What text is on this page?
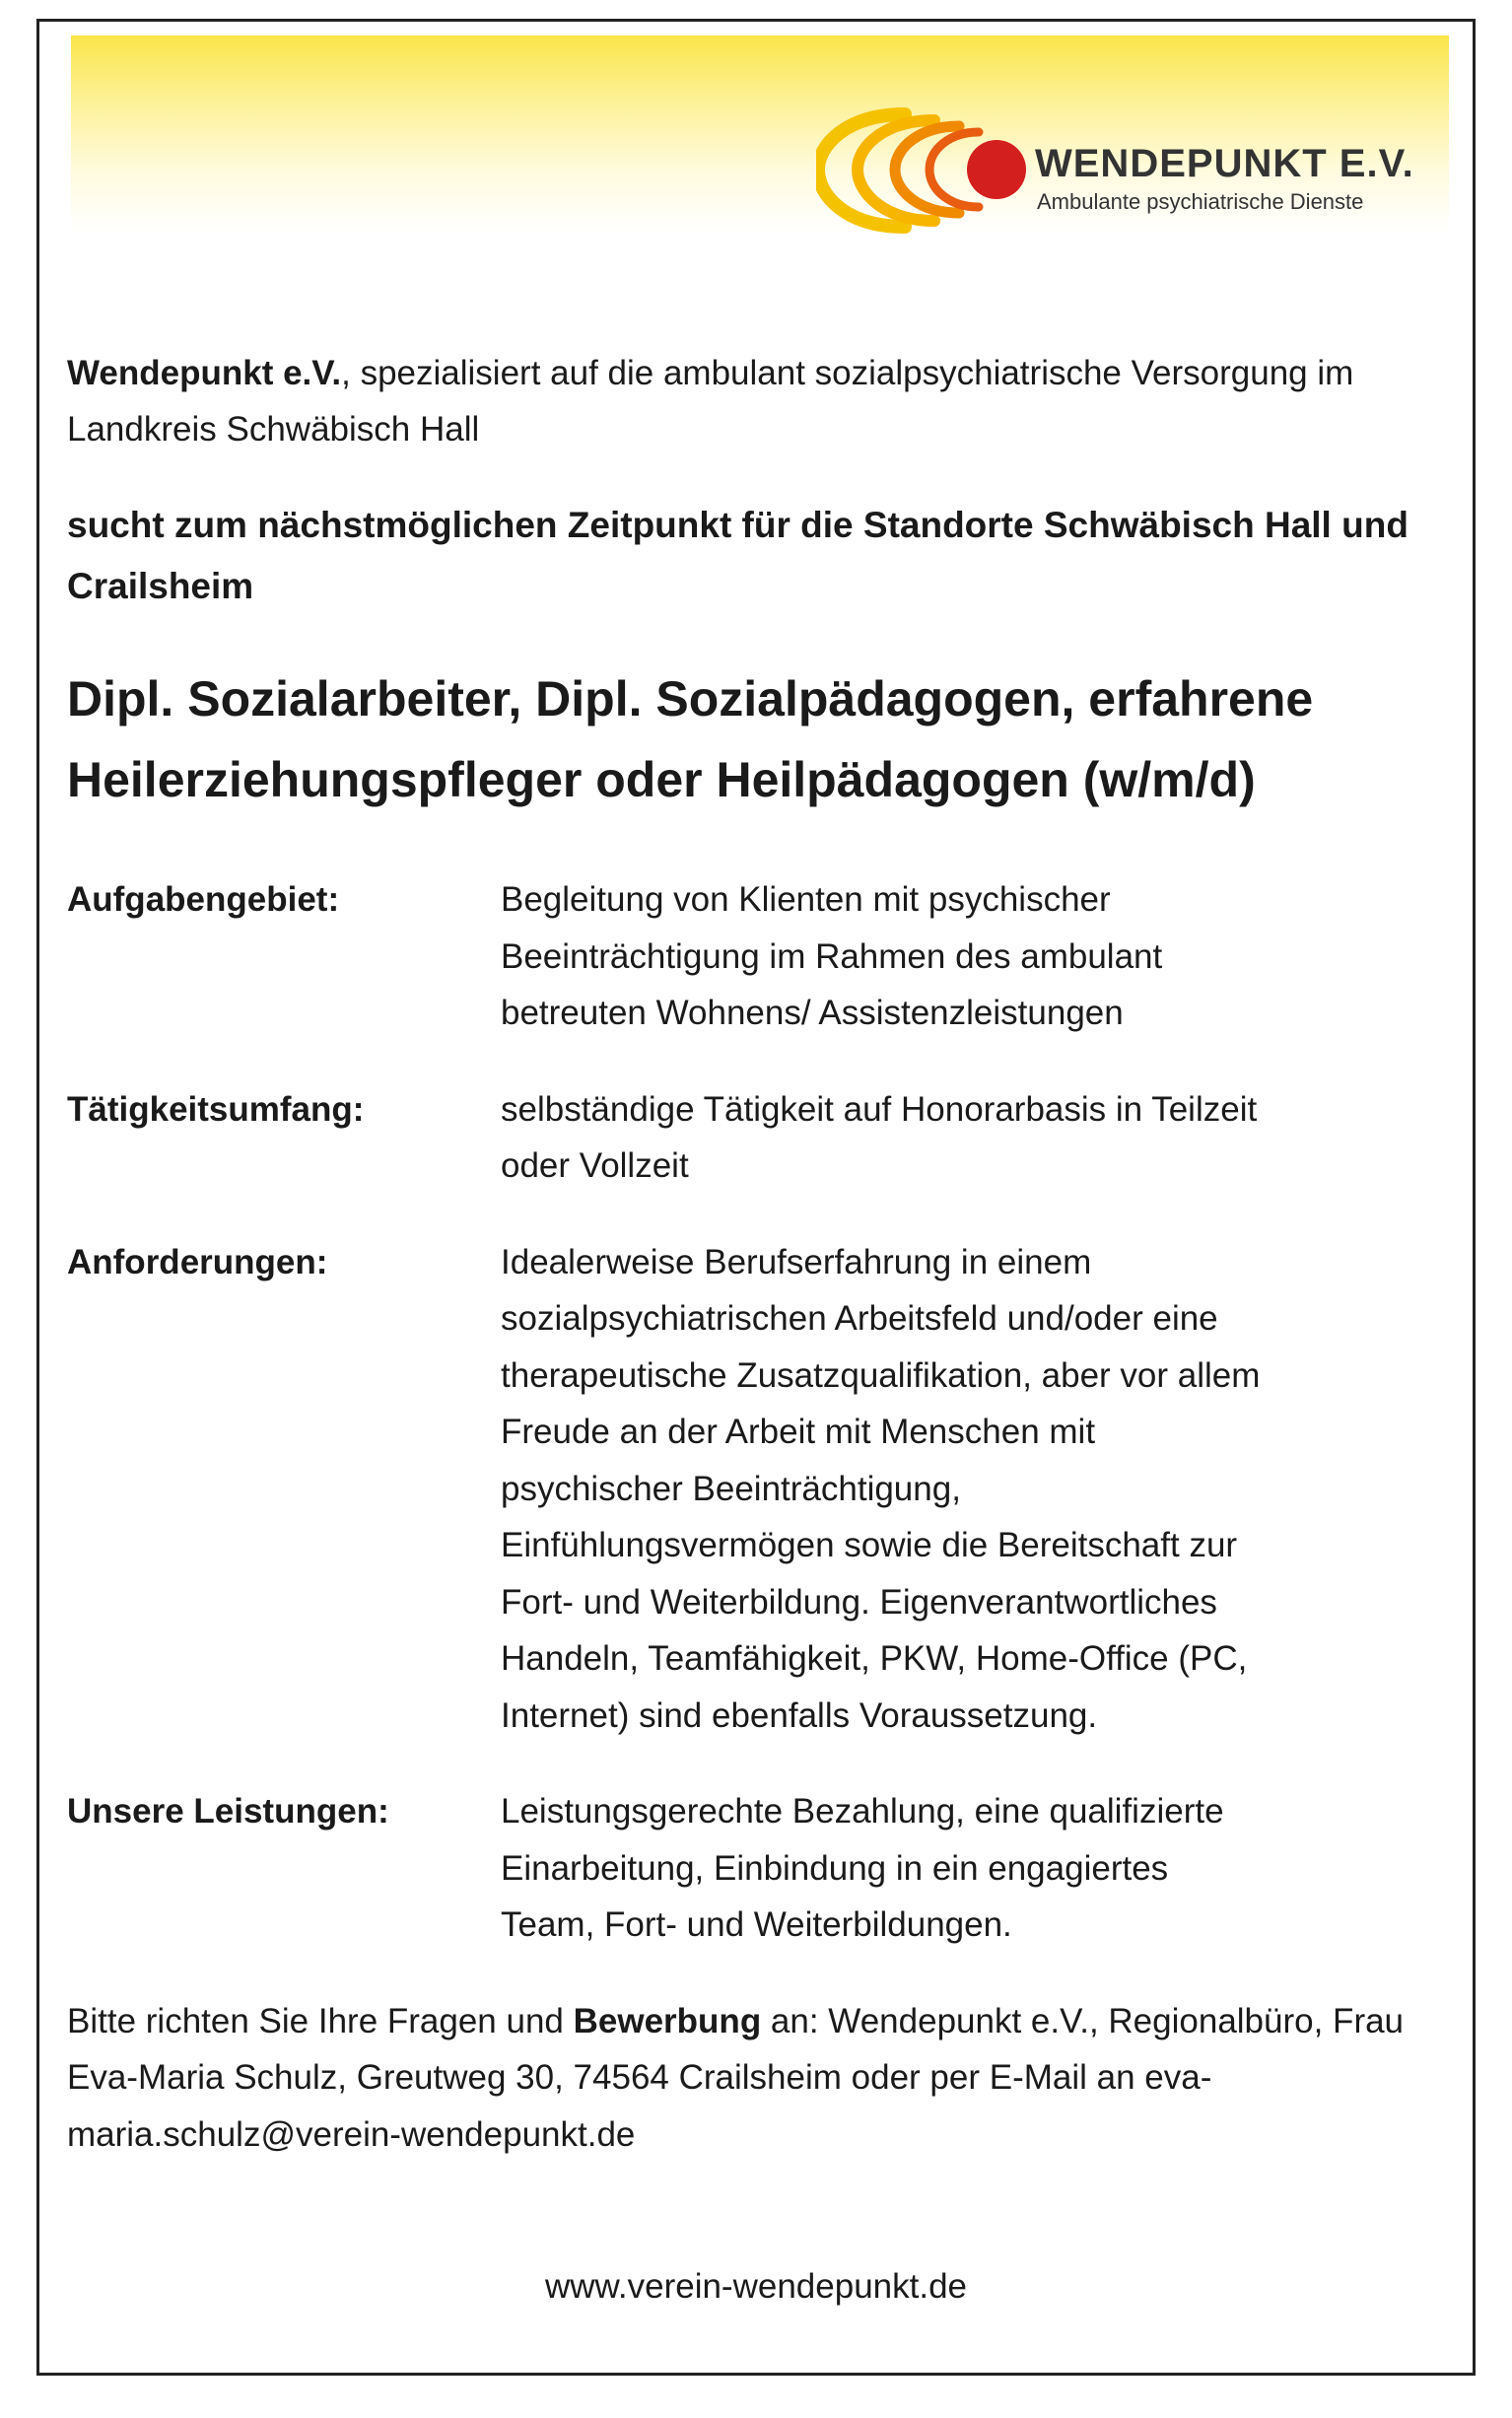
WENDEPUNKT E.V.
Ambulante psychiatrische Dienste

Wendepunkt e.V., spezialisiert auf die ambulant sozialpsychiatrische Versorgung im Landkreis Schwäbisch Hall

sucht zum nächstmöglichen Zeitpunkt für die Standorte Schwäbisch Hall und Crailsheim

Dipl. Sozialarbeiter, Dipl. Sozialpädagogen, erfahrene Heilerziehungspfleger oder Heilpädagogen (w/m/d)

Aufgabengebiet:	Begleitung von Klienten mit psychischer Beeinträchtigung im Rahmen des ambulant betreuten Wohnens/ Assistenzleistungen
Tätigkeitsumfang:	selbständige Tätigkeit auf Honorarbasis in Teilzeit oder Vollzeit
Anforderungen:	Idealerweise Berufserfahrung in einem sozialpsychiatrischen Arbeitsfeld und/oder eine therapeutische Zusatzqualifikation, aber vor allem Freude an der Arbeit mit Menschen mit psychischer Beeinträchtigung, Einfühlungsvermögen sowie die Bereitschaft zur Fort- und Weiterbildung. Eigenverantwortliches Handeln, Teamfähigkeit, PKW, Home-Office (PC, Internet) sind ebenfalls Voraussetzung.
Unsere Leistungen:	Leistungsgerechte Bezahlung, eine qualifizierte Einarbeitung, Einbindung in ein engagiertes Team, Fort- und Weiterbildungen.

Bitte richten Sie Ihre Fragen und Bewerbung an: Wendepunkt e.V., Regionalbüro, Frau Eva-Maria Schulz, Greutweg 30, 74564 Crailsheim oder per E-Mail an eva-maria.schulz@verein-wendepunkt.de

www.verein-wendepunkt.de
